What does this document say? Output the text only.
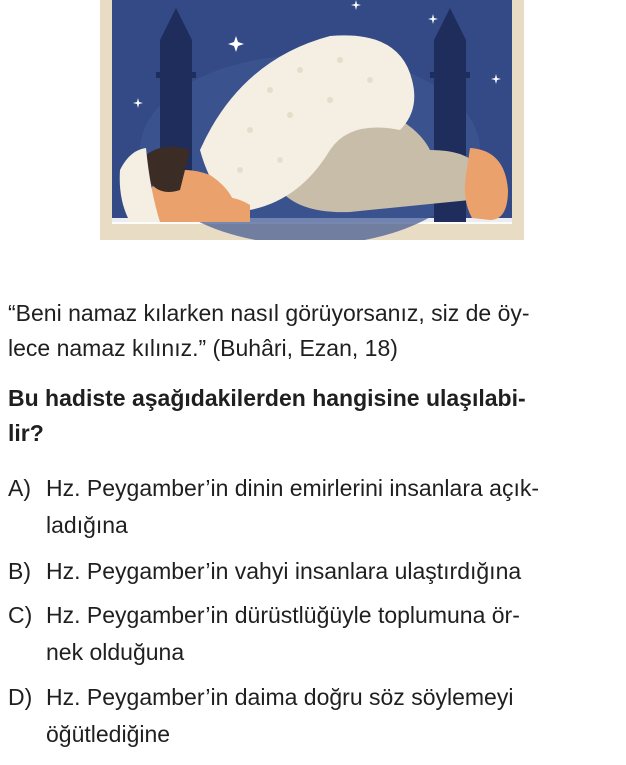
“Beni namaz kılarken nasıl görüyorsanız, siz de öy-
lece namaz kılınız.” (Buhâri, Ezan, 18)
Bu hadiste aşağıdakilerden hangisine ulaşılabi-
lir?
A) Hz. Peygamber’in dinin emirlerini insanlara açık-
ladığına
B) Hz. Peygamber’in vahyi insanlara ulaştırdığına
C) Hz. Peygamber’in dürüstlüğüyle toplumuna ör-
nek olduğuna
D) Hz. Peygamber’in daima doğru söz söylemeyi
öğütlediğine
